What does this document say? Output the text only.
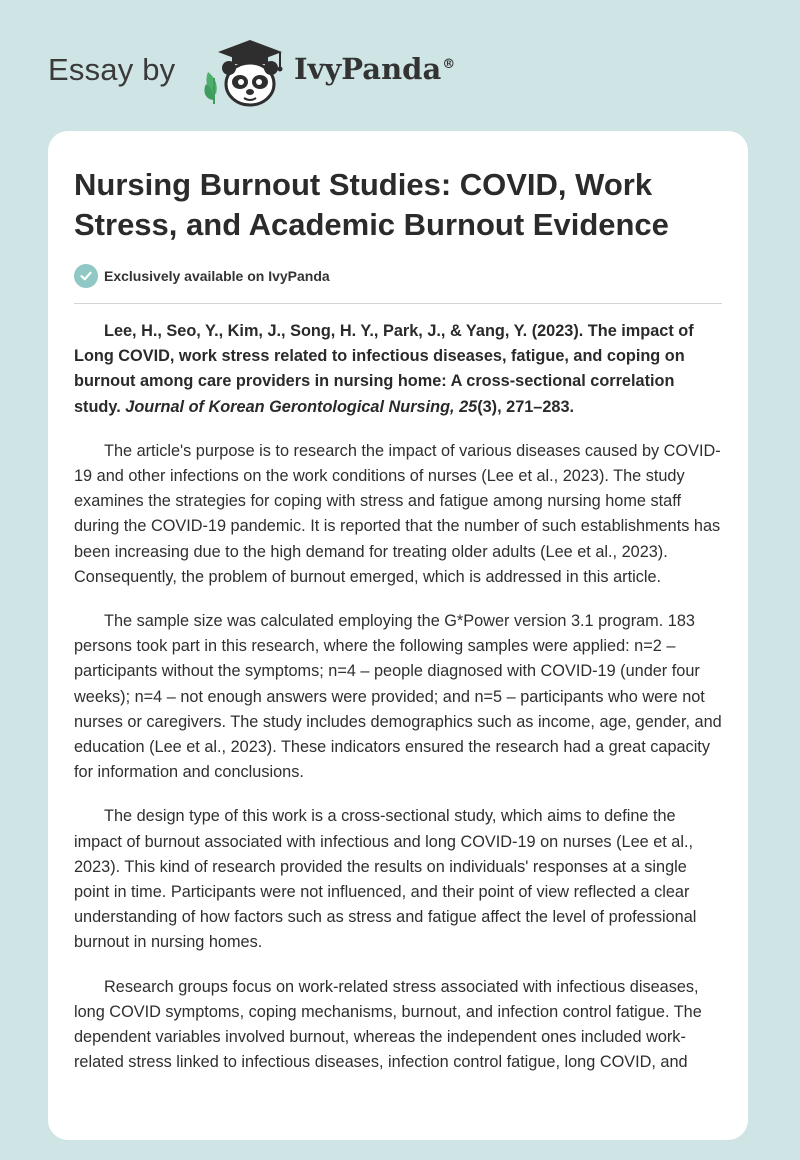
Essay by	IvyPanda®
Nursing Burnout Studies: COVID, Work Stress, and Academic Burnout Evidence
Exclusively available on IvyPanda

Lee, H., Seo, Y., Kim, J., Song, H. Y., Park, J., & Yang, Y. (2023). The impact of Long COVID, work stress related to infectious diseases, fatigue, and coping on burnout among care providers in nursing home: A cross-sectional correlation study. Journal of Korean Gerontological Nursing, 25(3), 271–283.

The article's purpose is to research the impact of various diseases caused by COVID-19 and other infections on the work conditions of nurses (Lee et al., 2023). The study examines the strategies for coping with stress and fatigue among nursing home staff during the COVID-19 pandemic. It is reported that the number of such establishments has been increasing due to the high demand for treating older adults (Lee et al., 2023). Consequently, the problem of burnout emerged, which is addressed in this article.

The sample size was calculated employing the G*Power version 3.1 program. 183 persons took part in this research, where the following samples were applied: n=2 – participants without the symptoms; n=4 – people diagnosed with COVID-19 (under four weeks); n=4 – not enough answers were provided; and n=5 – participants who were not nurses or caregivers. The study includes demographics such as income, age, gender, and education (Lee et al., 2023). These indicators ensured the research had a great capacity for information and conclusions.

The design type of this work is a cross-sectional study, which aims to define the impact of burnout associated with infectious and long COVID-19 on nurses (Lee et al., 2023). This kind of research provided the results on individuals' responses at a single point in time. Participants were not influenced, and their point of view reflected a clear understanding of how factors such as stress and fatigue affect the level of professional burnout in nursing homes.

Research groups focus on work-related stress associated with infectious diseases, long COVID symptoms, coping mechanisms, burnout, and infection control fatigue. The dependent variables involved burnout, whereas the independent ones included work-related stress linked to infectious diseases, infection control fatigue, long COVID, and
